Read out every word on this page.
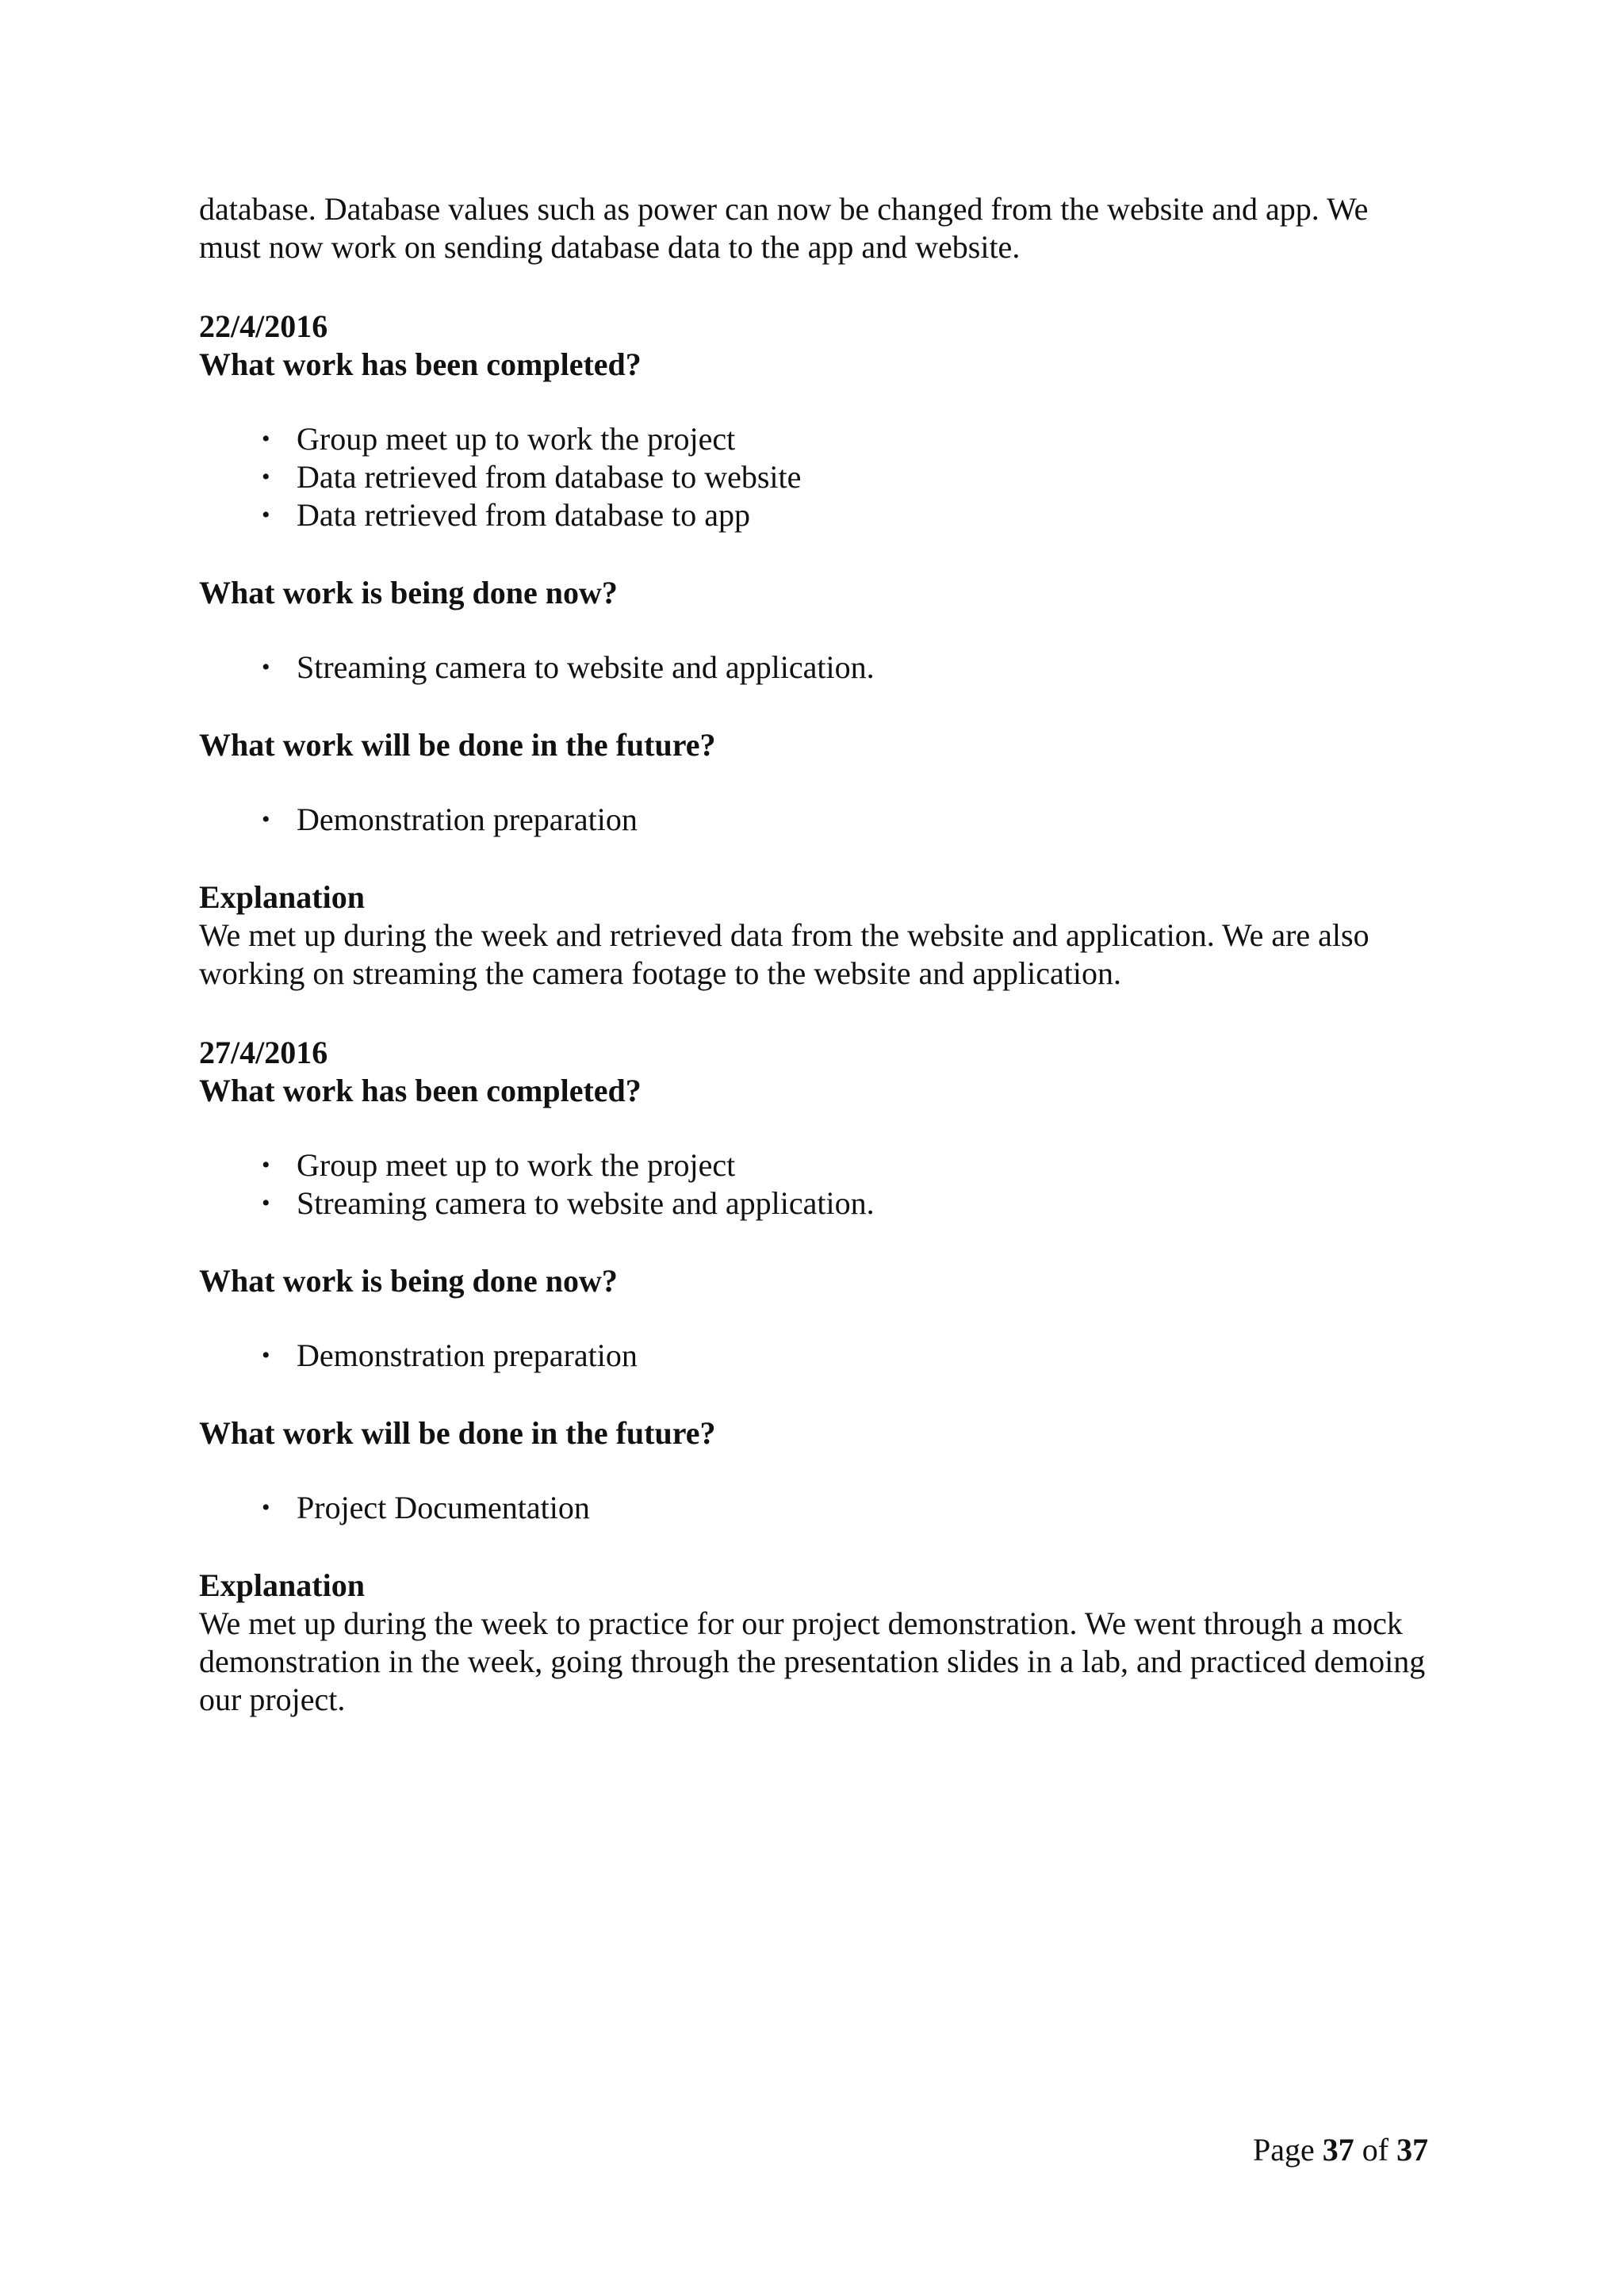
database. Database values such as power can now be changed from the website and app. We must now work on sending database data to the app and website.

22/4/2016

What work has been completed?

• Group meet up to work the project
• Data retrieved from database to website
• Data retrieved from database to app

What work is being done now?

• Streaming camera to website and application.

What work will be done in the future?

• Demonstration preparation

Explanation

We met up during the week and retrieved data from the website and application. We are also working on streaming the camera footage to the website and application.

27/4/2016

What work has been completed?

• Group meet up to work the project
• Streaming camera to website and application.

What work is being done now?

• Demonstration preparation

What work will be done in the future?

• Project Documentation

Explanation

We met up during the week to practice for our project demonstration. We went through a mock demonstration in the week, going through the presentation slides in a lab, and practiced demoing our project.

Page 37 of 37
